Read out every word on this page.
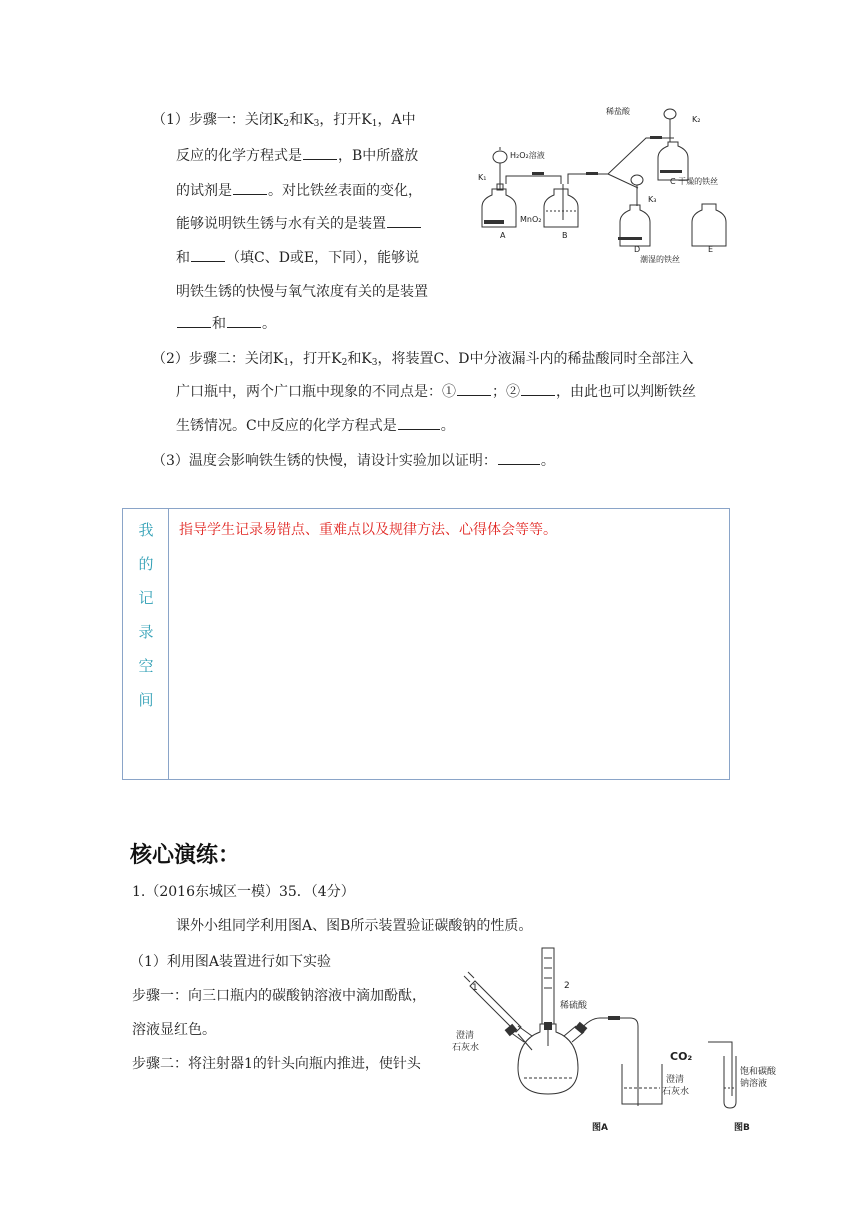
（1）步骤一：关闭$K_2$和$K_3$，打开$K_1$，A中
反应的化学方程式是	，B中所盛放
的试剂是	。对比铁丝表面的变化，
能够说明铁生锈与水有关的是装置
和	（填C、D或E，下同），能够说
明铁生锈的快慢与氧气浓度有关的是装置
和	。
稀盐酸
K₂
H₂O₂溶液
K₁	C 干燥的铁丝
K₃
MnO₂
A	B
D	E
潮湿的铁丝
（2）步骤二：关闭$K_1$，打开$K_2$和$K_3$，将装置C、D中分液漏斗内的稀盐酸同时全部注入
广口瓶中，两个广口瓶中现象的不同点是：①	；②	，由此也可以判断铁丝
生锈情况。C中反应的化学方程式是	。
（3）温度会影响铁生锈的快慢，请设计实验加以证明：	。
我
的
记
录
空
间
指导学生记录易错点、重难点以及规律方法、心得体会等等。
核心演练：
1.（2016东城区一模）35．（4分）
课外小组同学利用图A、图B所示装置验证碳酸钠的性质。
（1）利用图A装置进行如下实验
步骤一：向三口瓶内的碳酸钠溶液中滴加酚酞，
溶液显红色。
步骤二：将注射器1的针头向瓶内推进，使针头
1	2
稀硫酸
澄清石灰水
澄清石灰水
CO₂
饱和碳酸钠溶液
图A	图B
